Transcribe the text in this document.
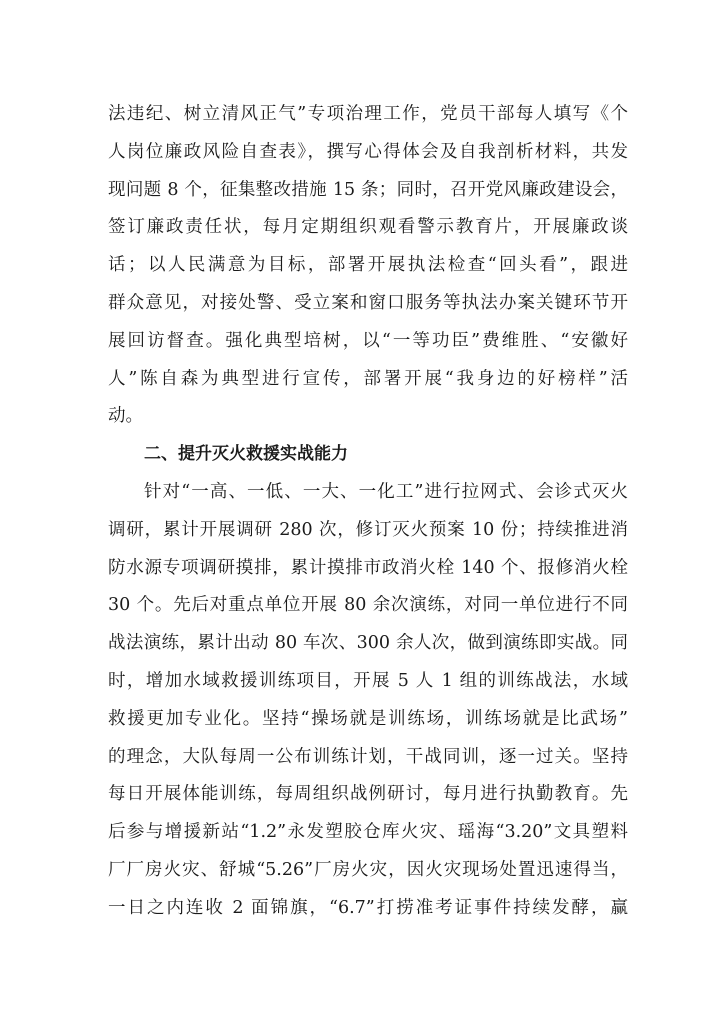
法违纪、树立清风正气”专项治理工作，党员干部每人填写《个
人岗位廉政风险自查表》，撰写心得体会及自我剖析材料，共发
现问题 8 个，征集整改措施 15 条；同时，召开党风廉政建设会，
签订廉政责任状，每月定期组织观看警示教育片，开展廉政谈
话；以人民满意为目标，部署开展执法检查“回头看”，跟进
群众意见，对接处警、受立案和窗口服务等执法办案关键环节开
展回访督查。强化典型培树，以“一等功臣”费维胜、“安徽好
人”陈自森为典型进行宣传，部署开展“我身边的好榜样”活
动。
二、提升灭火救援实战能力
针对“一高、一低、一大、一化工”进行拉网式、会诊式灭火
调研，累计开展调研 280 次，修订灭火预案 10 份；持续推进消
防水源专项调研摸排，累计摸排市政消火栓 140 个、报修消火栓
30 个。先后对重点单位开展 80 余次演练，对同一单位进行不同
战法演练，累计出动 80 车次、300 余人次，做到演练即实战。同
时，增加水域救援训练项目，开展 5 人 1 组的训练战法，水域
救援更加专业化。坚持“操场就是训练场，训练场就是比武场”
的理念，大队每周一公布训练计划，干战同训，逐一过关。坚持
每日开展体能训练，每周组织战例研讨，每月进行执勤教育。先
后参与增援新站“1.2”永发塑胶仓库火灾、瑶海“3.20”文具塑料
厂厂房火灾、舒城“5.26”厂房火灾，因火灾现场处置迅速得当，
一日之内连收 2 面锦旗，“6.7”打捞准考证事件持续发酵，赢
